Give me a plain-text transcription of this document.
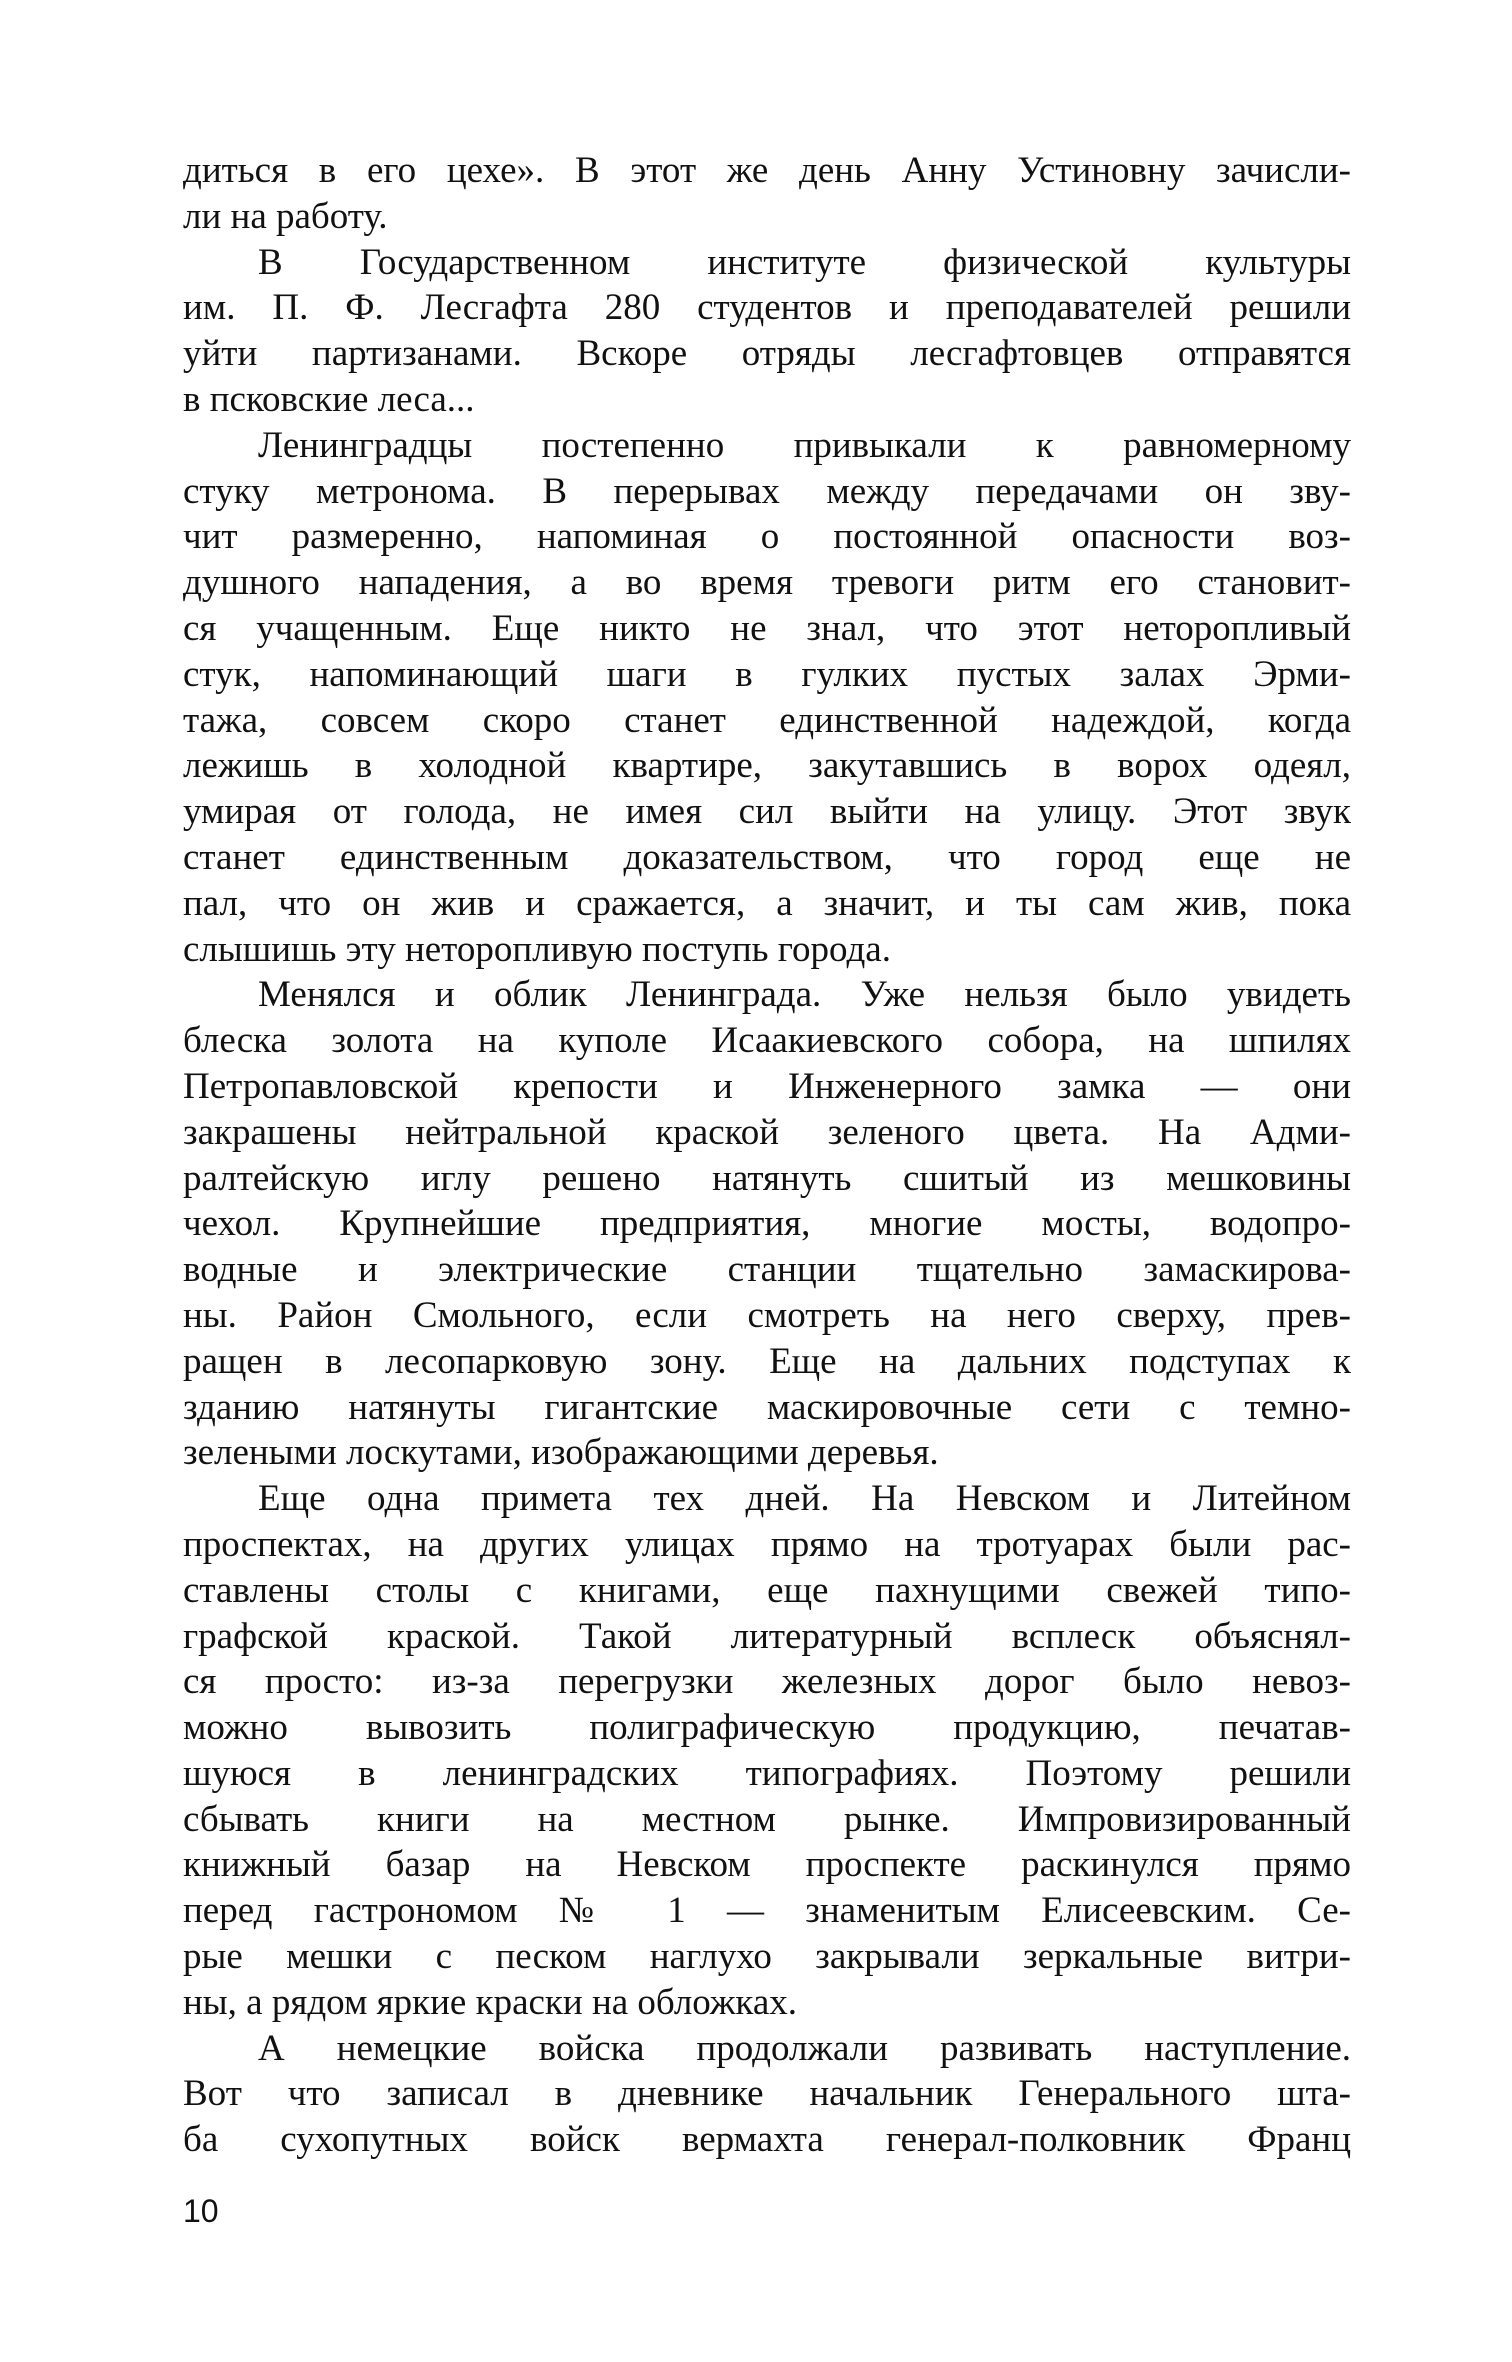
диться в его цехе». В этот же день Анну Устиновну зачисли-
ли на работу.
В Государственном институте физической культуры
им. П. Ф. Лесгафта 280 студентов и преподавателей решили
уйти партизанами. Вскоре отряды лесгафтовцев отправятся
в псковские леса...
Ленинградцы постепенно привыкали к равномерному
стуку метронома. В перерывах между передачами он зву-
чит размеренно, напоминая о постоянной опасности воз-
душного нападения, а во время тревоги ритм его становит-
ся учащенным. Еще никто не знал, что этот неторопливый
стук, напоминающий шаги в гулких пустых залах Эрми-
тажа, совсем скоро станет единственной надеждой, когда
лежишь в холодной квартире, закутавшись в ворох одеял,
умирая от голода, не имея сил выйти на улицу. Этот звук
станет единственным доказательством, что город еще не
пал, что он жив и сражается, а значит, и ты сам жив, пока
слышишь эту неторопливую поступь города.
Менялся и облик Ленинграда. Уже нельзя было увидеть
блеска золота на куполе Исаакиевского собора, на шпилях
Петропавловской крепости и Инженерного замка — они
закрашены нейтральной краской зеленого цвета. На Адми-
ралтейскую иглу решено натянуть сшитый из мешковины
чехол. Крупнейшие предприятия, многие мосты, водопро-
водные и электрические станции тщательно замаскирова-
ны. Район Смольного, если смотреть на него сверху, прев-
ращен в лесопарковую зону. Еще на дальних подступах к
зданию натянуты гигантские маскировочные сети с темно-
зелеными лоскутами, изображающими деревья.
Еще одна примета тех дней. На Невском и Литейном
проспектах, на других улицах прямо на тротуарах были рас-
ставлены столы с книгами, еще пахнущими свежей типо-
графской краской. Такой литературный всплеск объяснял-
ся просто: из-за перегрузки железных дорог было невоз-
можно вывозить полиграфическую продукцию, печатав-
шуюся в ленинградских типографиях. Поэтому решили
сбывать книги на местном рынке. Импровизированный
книжный базар на Невском проспекте раскинулся прямо
перед гастрономом № 1 — знаменитым Елисеевским. Се-
рые мешки с песком наглухо закрывали зеркальные витри-
ны, а рядом яркие краски на обложках.
А немецкие войска продолжали развивать наступление.
Вот что записал в дневнике начальник Генерального шта-
ба сухопутных войск вермахта генерал-полковник Франц
10
